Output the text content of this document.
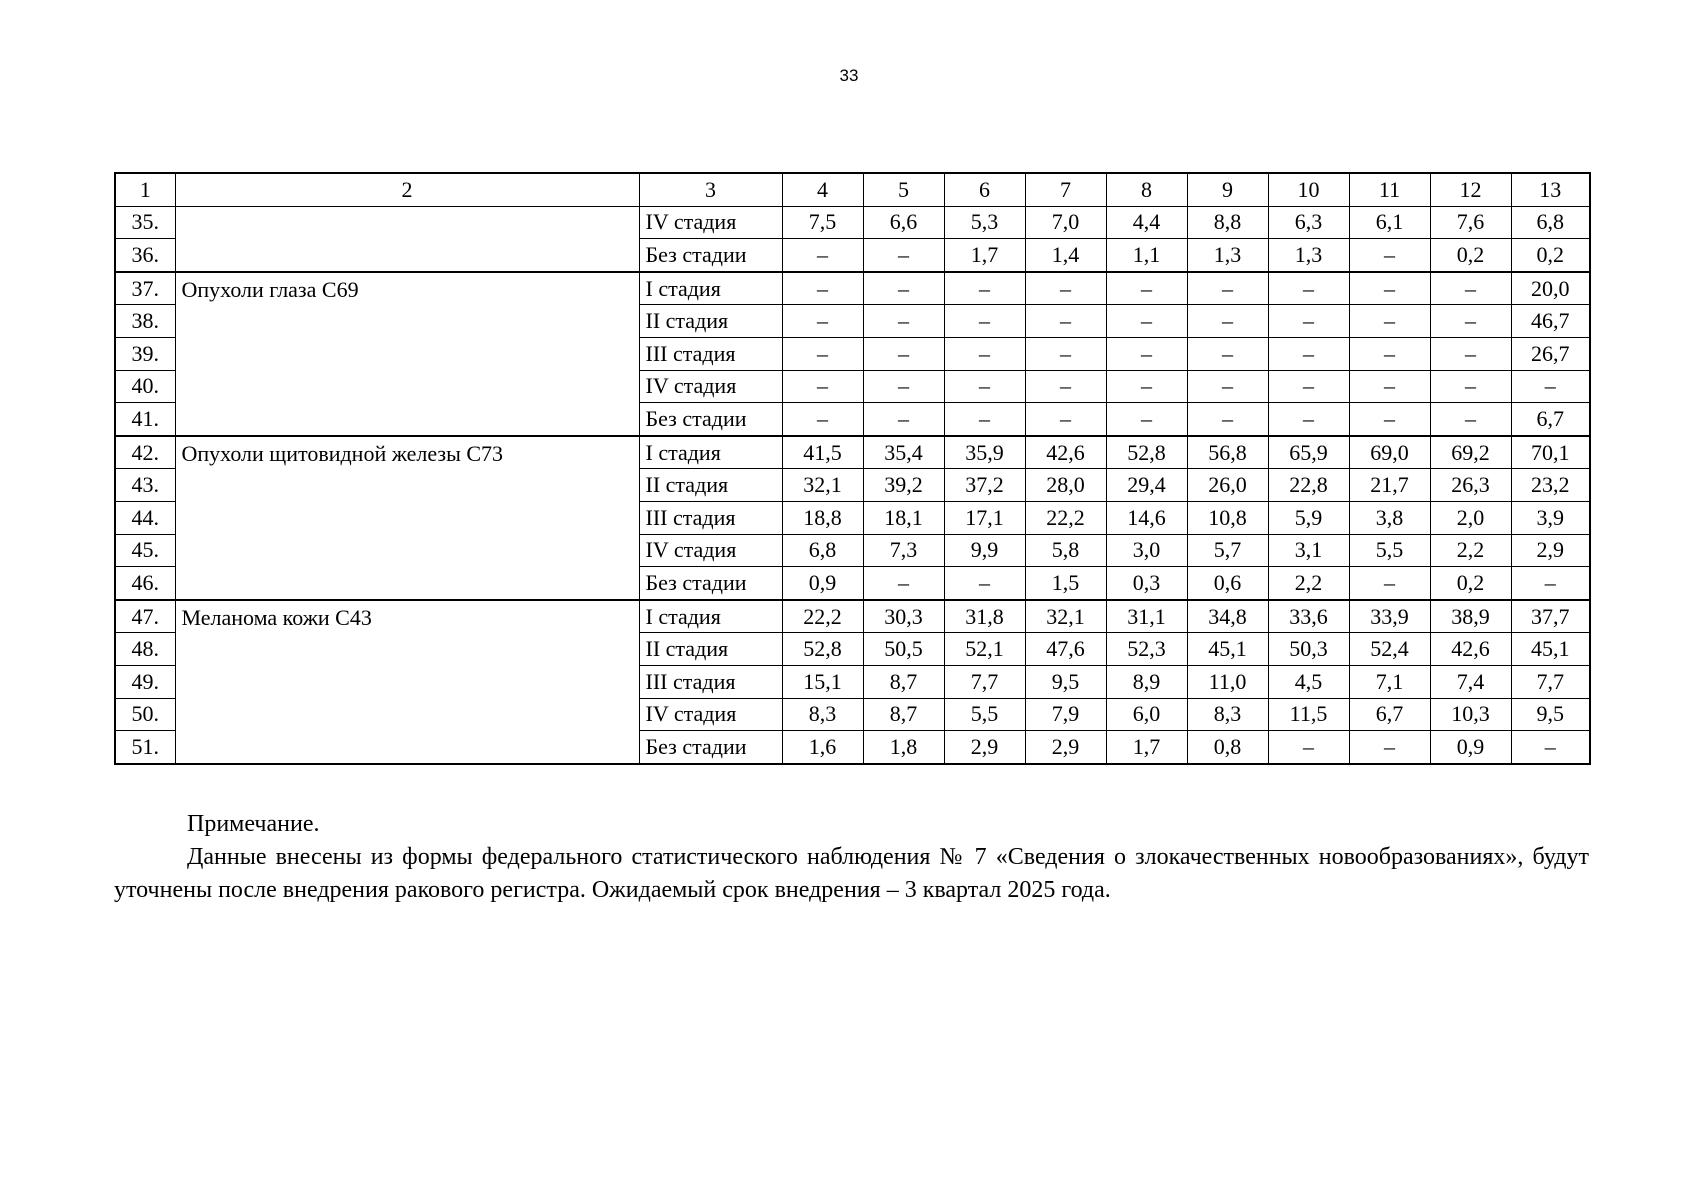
33
1	2	3	4	5	6	7	8	9	10	11	12	13
35.		IV стадия	7,5	6,6	5,3	7,0	4,4	8,8	6,3	6,1	7,6	6,8
36.		Без стадии	–	–	1,7	1,4	1,1	1,3	1,3	–	0,2	0,2
37.	Опухоли глаза С69	I стадия	–	–	–	–	–	–	–	–	–	20,0
38.		II стадия	–	–	–	–	–	–	–	–	–	46,7
39.		III стадия	–	–	–	–	–	–	–	–	–	26,7
40.		IV стадия	–	–	–	–	–	–	–	–	–	–
41.		Без стадии	–	–	–	–	–	–	–	–	–	6,7
42.	Опухоли щитовидной железы С73	I стадия	41,5	35,4	35,9	42,6	52,8	56,8	65,9	69,0	69,2	70,1
43.		II стадия	32,1	39,2	37,2	28,0	29,4	26,0	22,8	21,7	26,3	23,2
44.		III стадия	18,8	18,1	17,1	22,2	14,6	10,8	5,9	3,8	2,0	3,9
45.		IV стадия	6,8	7,3	9,9	5,8	3,0	5,7	3,1	5,5	2,2	2,9
46.		Без стадии	0,9	–	–	1,5	0,3	0,6	2,2	–	0,2	–
47.	Меланома кожи С43	I стадия	22,2	30,3	31,8	32,1	31,1	34,8	33,6	33,9	38,9	37,7
48.		II стадия	52,8	50,5	52,1	47,6	52,3	45,1	50,3	52,4	42,6	45,1
49.		III стадия	15,1	8,7	7,7	9,5	8,9	11,0	4,5	7,1	7,4	7,7
50.		IV стадия	8,3	8,7	5,5	7,9	6,0	8,3	11,5	6,7	10,3	9,5
51.		Без стадии	1,6	1,8	2,9	2,9	1,7	0,8	–	–	0,9	–

Примечание.

Данные внесены из формы федерального статистического наблюдения № 7 «Сведения о злокачественных новообразованиях», будут уточнены после внедрения ракового регистра. Ожидаемый срок внедрения – 3 квартал 2025 года.
